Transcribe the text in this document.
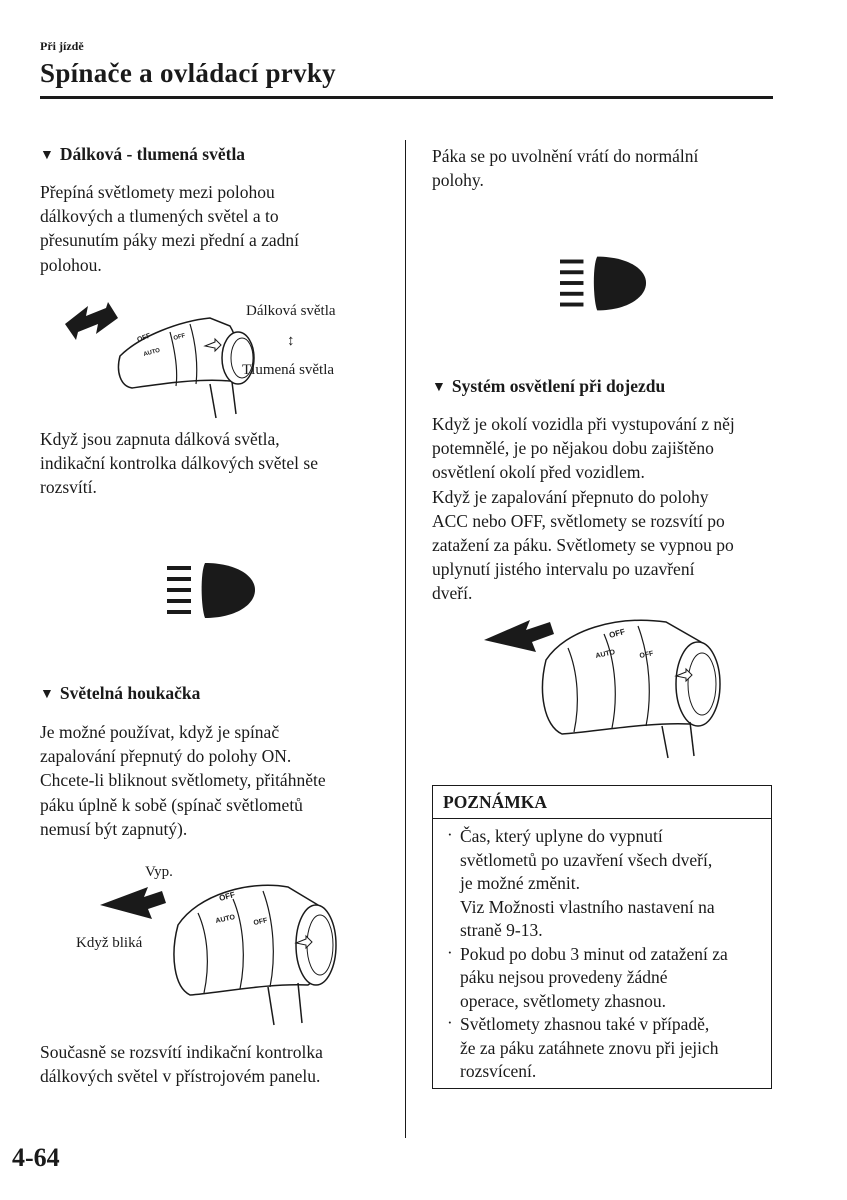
Při jízdě
Spínače a ovládací prvky
▼ Dálková - tlumená světla
Přepíná světlomety mezi polohou
dálkových a tlumených světel a to
přesunutím páky mezi přední a zadní
polohou.
OFF
AUTO
OFF
Dálková světla
↕
Tlumená světla
Když jsou zapnuta dálková světla,
indikační kontrolka dálkových světel se
rozsvítí.
▼ Světelná houkačka
Je možné používat, když je spínač
zapalování přepnutý do polohy ON.
Chcete-li bliknout světlomety, přitáhněte
páku úplně k sobě (spínač světlometů
nemusí být zapnutý).
OFF
AUTO OFF
Vyp.
Když bliká
Současně se rozsvítí indikační kontrolka
dálkových světel v přístrojovém panelu.
Páka se po uvolnění vrátí do normální
polohy.
▼ Systém osvětlení při dojezdu
Když je okolí vozidla při vystupování z něj
potemnělé, je po nějakou dobu zajištěno
osvětlení okolí před vozidlem.
Když je zapalování přepnuto do polohy
ACC nebo OFF, světlomety se rozsvítí po
zatažení za páku. Světlomety se vypnou po
uplynutí jistého intervalu po uzavření
dveří.
OFF
AUTO	OFF
POZNÁMKA
· Čas, který uplyne do vypnutí
světlometů po uzavření všech dveří,
je možné změnit.
Viz Možnosti vlastního nastavení na
straně 9-13.
· Pokud po dobu 3 minut od zatažení za
páku nejsou provedeny žádné
operace, světlomety zhasnou.
· Světlomety zhasnou také v případě,
že za páku zatáhnete znovu při jejich
rozsvícení.
4-64
